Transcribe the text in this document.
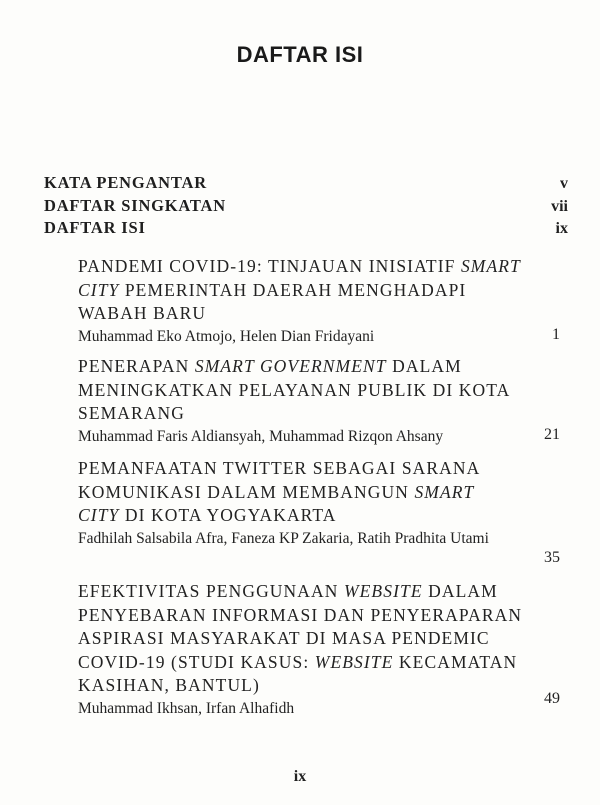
DAFTAR ISI
KATA PENGANTAR	v
DAFTAR SINGKATAN	vii
DAFTAR ISI	ix
PANDEMI COVID-19: TINJAUAN INISIATIF SMART
CITY PEMERINTAH DAERAH MENGHADAPI
WABAH BARU
Muhammad Eko Atmojo, Helen Dian Fridayani	1
PENERAPAN SMART GOVERNMENT DALAM
MENINGKATKAN PELAYANAN PUBLIK DI KOTA
SEMARANG
Muhammad Faris Aldiansyah, Muhammad Rizqon Ahsany	21
PEMANFAATAN TWITTER SEBAGAI SARANA
KOMUNIKASI DALAM MEMBANGUN SMART
CITY DI KOTA YOGYAKARTA
Fadhilah Salsabila Afra, Faneza KP Zakaria, Ratih Pradhita Utami
35
EFEKTIVITAS PENGGUNAAN WEBSITE DALAM
PENYEBARAN INFORMASI DAN PENYERAPARAN
ASPIRASI MASYARAKAT DI MASA PENDEMIC
COVID-19 (STUDI KASUS: WEBSITE KECAMATAN
KASIHAN, BANTUL)
Muhammad Ikhsan, Irfan Alhafidh
49
ix
